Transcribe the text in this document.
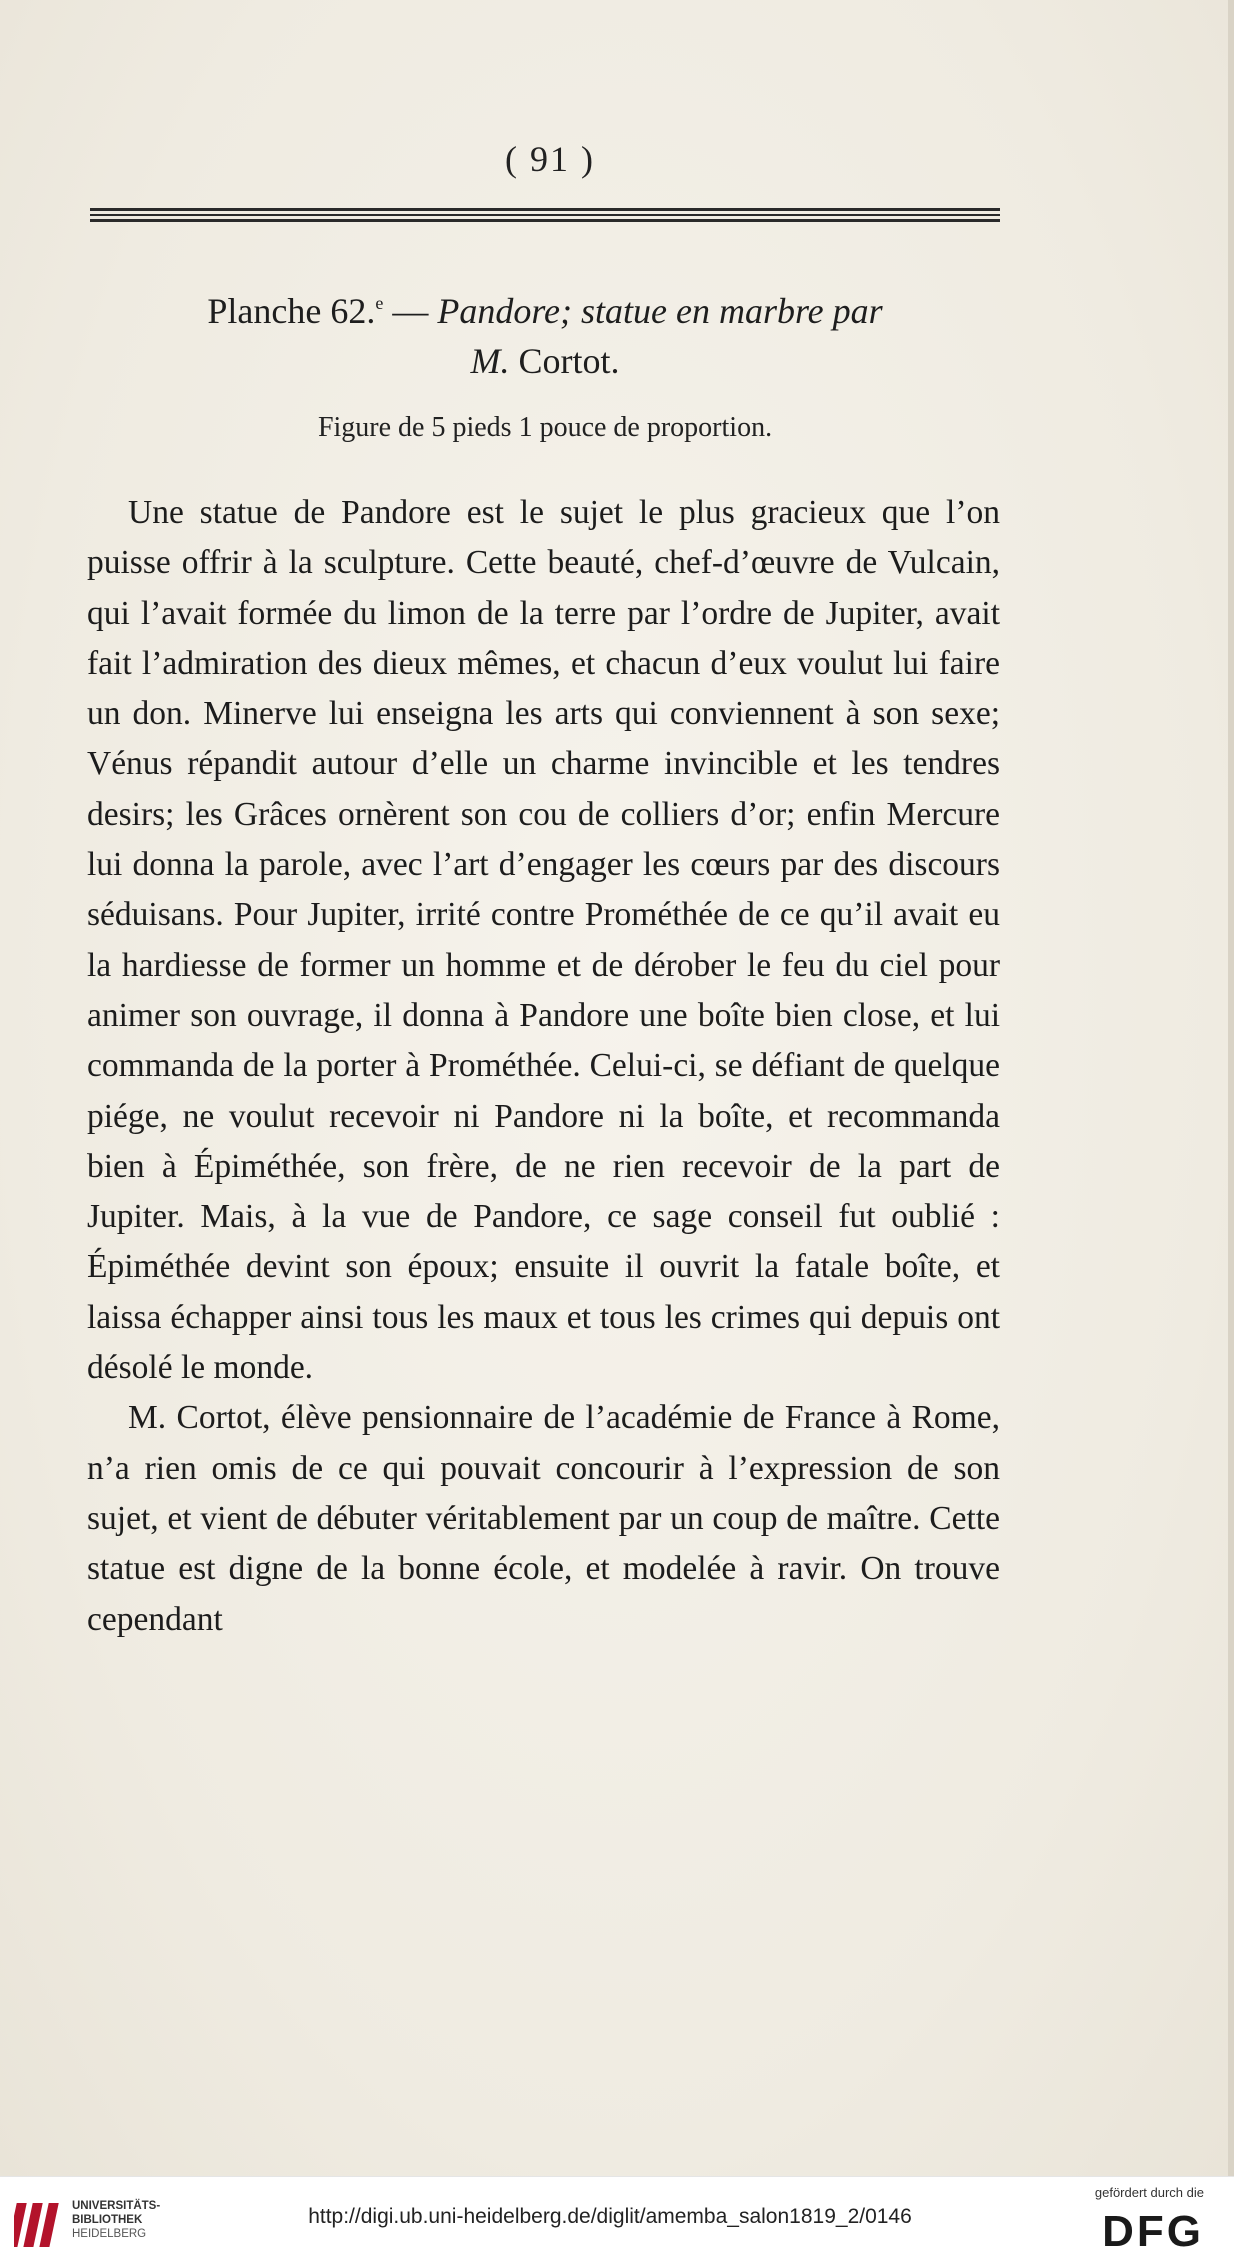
( 91 )
Planche 62.$^e$ — Pandore; statue en marbre par
M. Cortot.
Figure de 5 pieds 1 pouce de proportion.

Une statue de Pandore est le sujet le plus gracieux que l’on puisse offrir à la sculpture. Cette beauté, chef-d’œuvre de Vulcain, qui l’avait formée du limon de la terre par l’ordre de Jupiter, avait fait l’admiration des dieux mêmes, et chacun d’eux voulut lui faire un don. Minerve lui enseigna les arts qui conviennent à son sexe; Vénus répandit autour d’elle un charme invincible et les tendres desirs; les Grâces ornèrent son cou de colliers d’or; enfin Mercure lui donna la parole, avec l’art d’engager les cœurs par des discours séduisans. Pour Jupiter, irrité contre Prométhée de ce qu’il avait eu la hardiesse de former un homme et de dérober le feu du ciel pour animer son ouvrage, il donna à Pandore une boîte bien close, et lui commanda de la porter à Prométhée. Celui-ci, se défiant de quelque piége, ne voulut recevoir ni Pandore ni la boîte, et recommanda bien à Épiméthée, son frère, de ne rien recevoir de la part de Jupiter. Mais, à la vue de Pandore, ce sage conseil fut oublié : Épiméthée devint son époux; ensuite il ouvrit la fatale boîte, et laissa échapper ainsi tous les maux et tous les crimes qui depuis ont désolé le monde.

M. Cortot, élève pensionnaire de l’académie de France à Rome, n’a rien omis de ce qui pouvait concourir à l’expression de son sujet, et vient de débuter véritablement par un coup de maître. Cette statue est digne de la bonne école, et modelée à ravir. On trouve cependant

UNIVERSITÄTS-
BIBLIOTHEK
HEIDELBERG
http://digi.ub.uni-heidelberg.de/diglit/amemba_salon1819_2/0146
gefördert durch die
DFG
